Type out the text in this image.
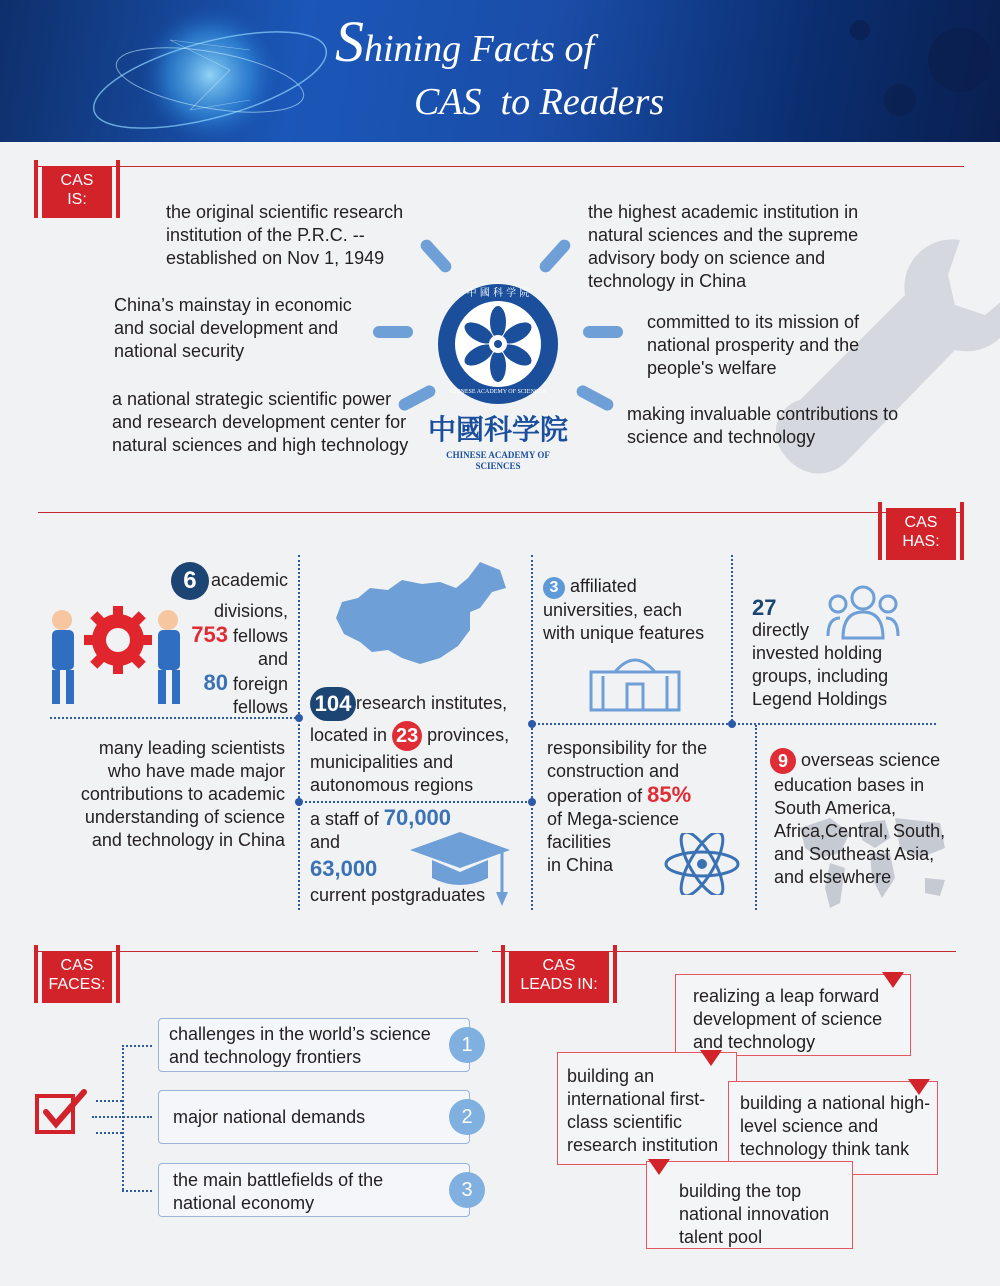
Shining Facts of
CAS  to Readers
CAS
IS:
the original scientific research institution of the P.R.C. -- established on Nov 1, 1949
the highest academic institution in natural sciences and the supreme advisory body on science and technology in China
China’s mainstay in economic and social development and national security
committed to its mission of national prosperity and the people's welfare
a national strategic scientific power and research development center for natural sciences and high technology
making invaluable contributions to science and technology
中 國 科 学 院
CHINESE ACADEMY OF SCIENCES
中國科学院
CHINESE ACADEMY OF SCIENCES
CAS
HAS:
6 academic
divisions,
753 fellows
and
80 foreign
fellows
many leading scientists who have made major contributions to academic understanding of science and technology in China
104 research institutes,
located in 23 provinces,
municipalities and
autonomous regions
a staff of 70,000
and
63,000
current postgraduates
3 affiliated
universities, each
with unique features
27
directly
invested holding
groups, including
Legend Holdings
responsibility for the
construction and
operation of 85%
of Mega-science
facilities
in China
9 overseas science
education bases in
South America,
Africa,Central, South,
and Southeast Asia,
and elsewhere
CAS
FACES:
challenges in the world’s science and technology frontiers
1
major national demands	2
the main battlefields of the national economy
3
CAS
LEADS IN:
realizing a leap forward development of science and technology
building an international first-class scientific research institution
building a national high-level science and technology think tank
building the top national innovation talent pool
